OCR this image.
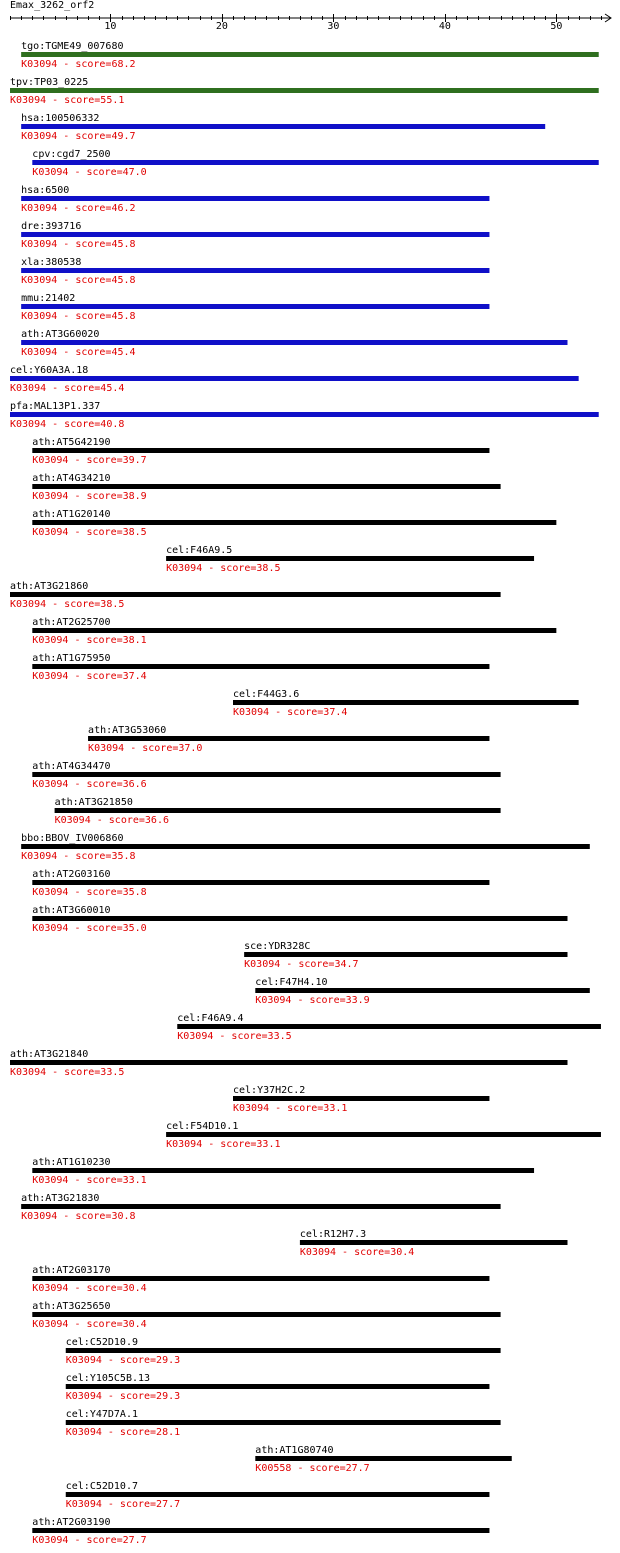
Emax_3262_orf2
10	20	30	40	50
tgo:TGME49_007680
K03094 - score=68.2
tpv:TP03_0225
K03094 - score=55.1
hsa:100506332
K03094 - score=49.7
cpv:cgd7_2500
K03094 - score=47.0
hsa:6500
K03094 - score=46.2
dre:393716
K03094 - score=45.8
xla:380538
K03094 - score=45.8
mmu:21402
K03094 - score=45.8
ath:AT3G60020
K03094 - score=45.4
cel:Y60A3A.18
K03094 - score=45.4
pfa:MAL13P1.337
K03094 - score=40.8
ath:AT5G42190
K03094 - score=39.7
ath:AT4G34210
K03094 - score=38.9
ath:AT1G20140
K03094 - score=38.5
cel:F46A9.5
K03094 - score=38.5
ath:AT3G21860
K03094 - score=38.5
ath:AT2G25700
K03094 - score=38.1
ath:AT1G75950
K03094 - score=37.4
cel:F44G3.6
K03094 - score=37.4
ath:AT3G53060
K03094 - score=37.0
ath:AT4G34470
K03094 - score=36.6
ath:AT3G21850
K03094 - score=36.6
bbo:BBOV_IV006860
K03094 - score=35.8
ath:AT2G03160
K03094 - score=35.8
ath:AT3G60010
K03094 - score=35.0
sce:YDR328C
K03094 - score=34.7
cel:F47H4.10
K03094 - score=33.9
cel:F46A9.4
K03094 - score=33.5
ath:AT3G21840
K03094 - score=33.5
cel:Y37H2C.2
K03094 - score=33.1
cel:F54D10.1
K03094 - score=33.1
ath:AT1G10230
K03094 - score=33.1
ath:AT3G21830
K03094 - score=30.8
cel:R12H7.3
K03094 - score=30.4
ath:AT2G03170
K03094 - score=30.4
ath:AT3G25650
K03094 - score=30.4
cel:C52D10.9
K03094 - score=29.3
cel:Y105C5B.13
K03094 - score=29.3
cel:Y47D7A.1
K03094 - score=28.1
ath:AT1G80740
K00558 - score=27.7
cel:C52D10.7
K03094 - score=27.7
ath:AT2G03190
K03094 - score=27.7
